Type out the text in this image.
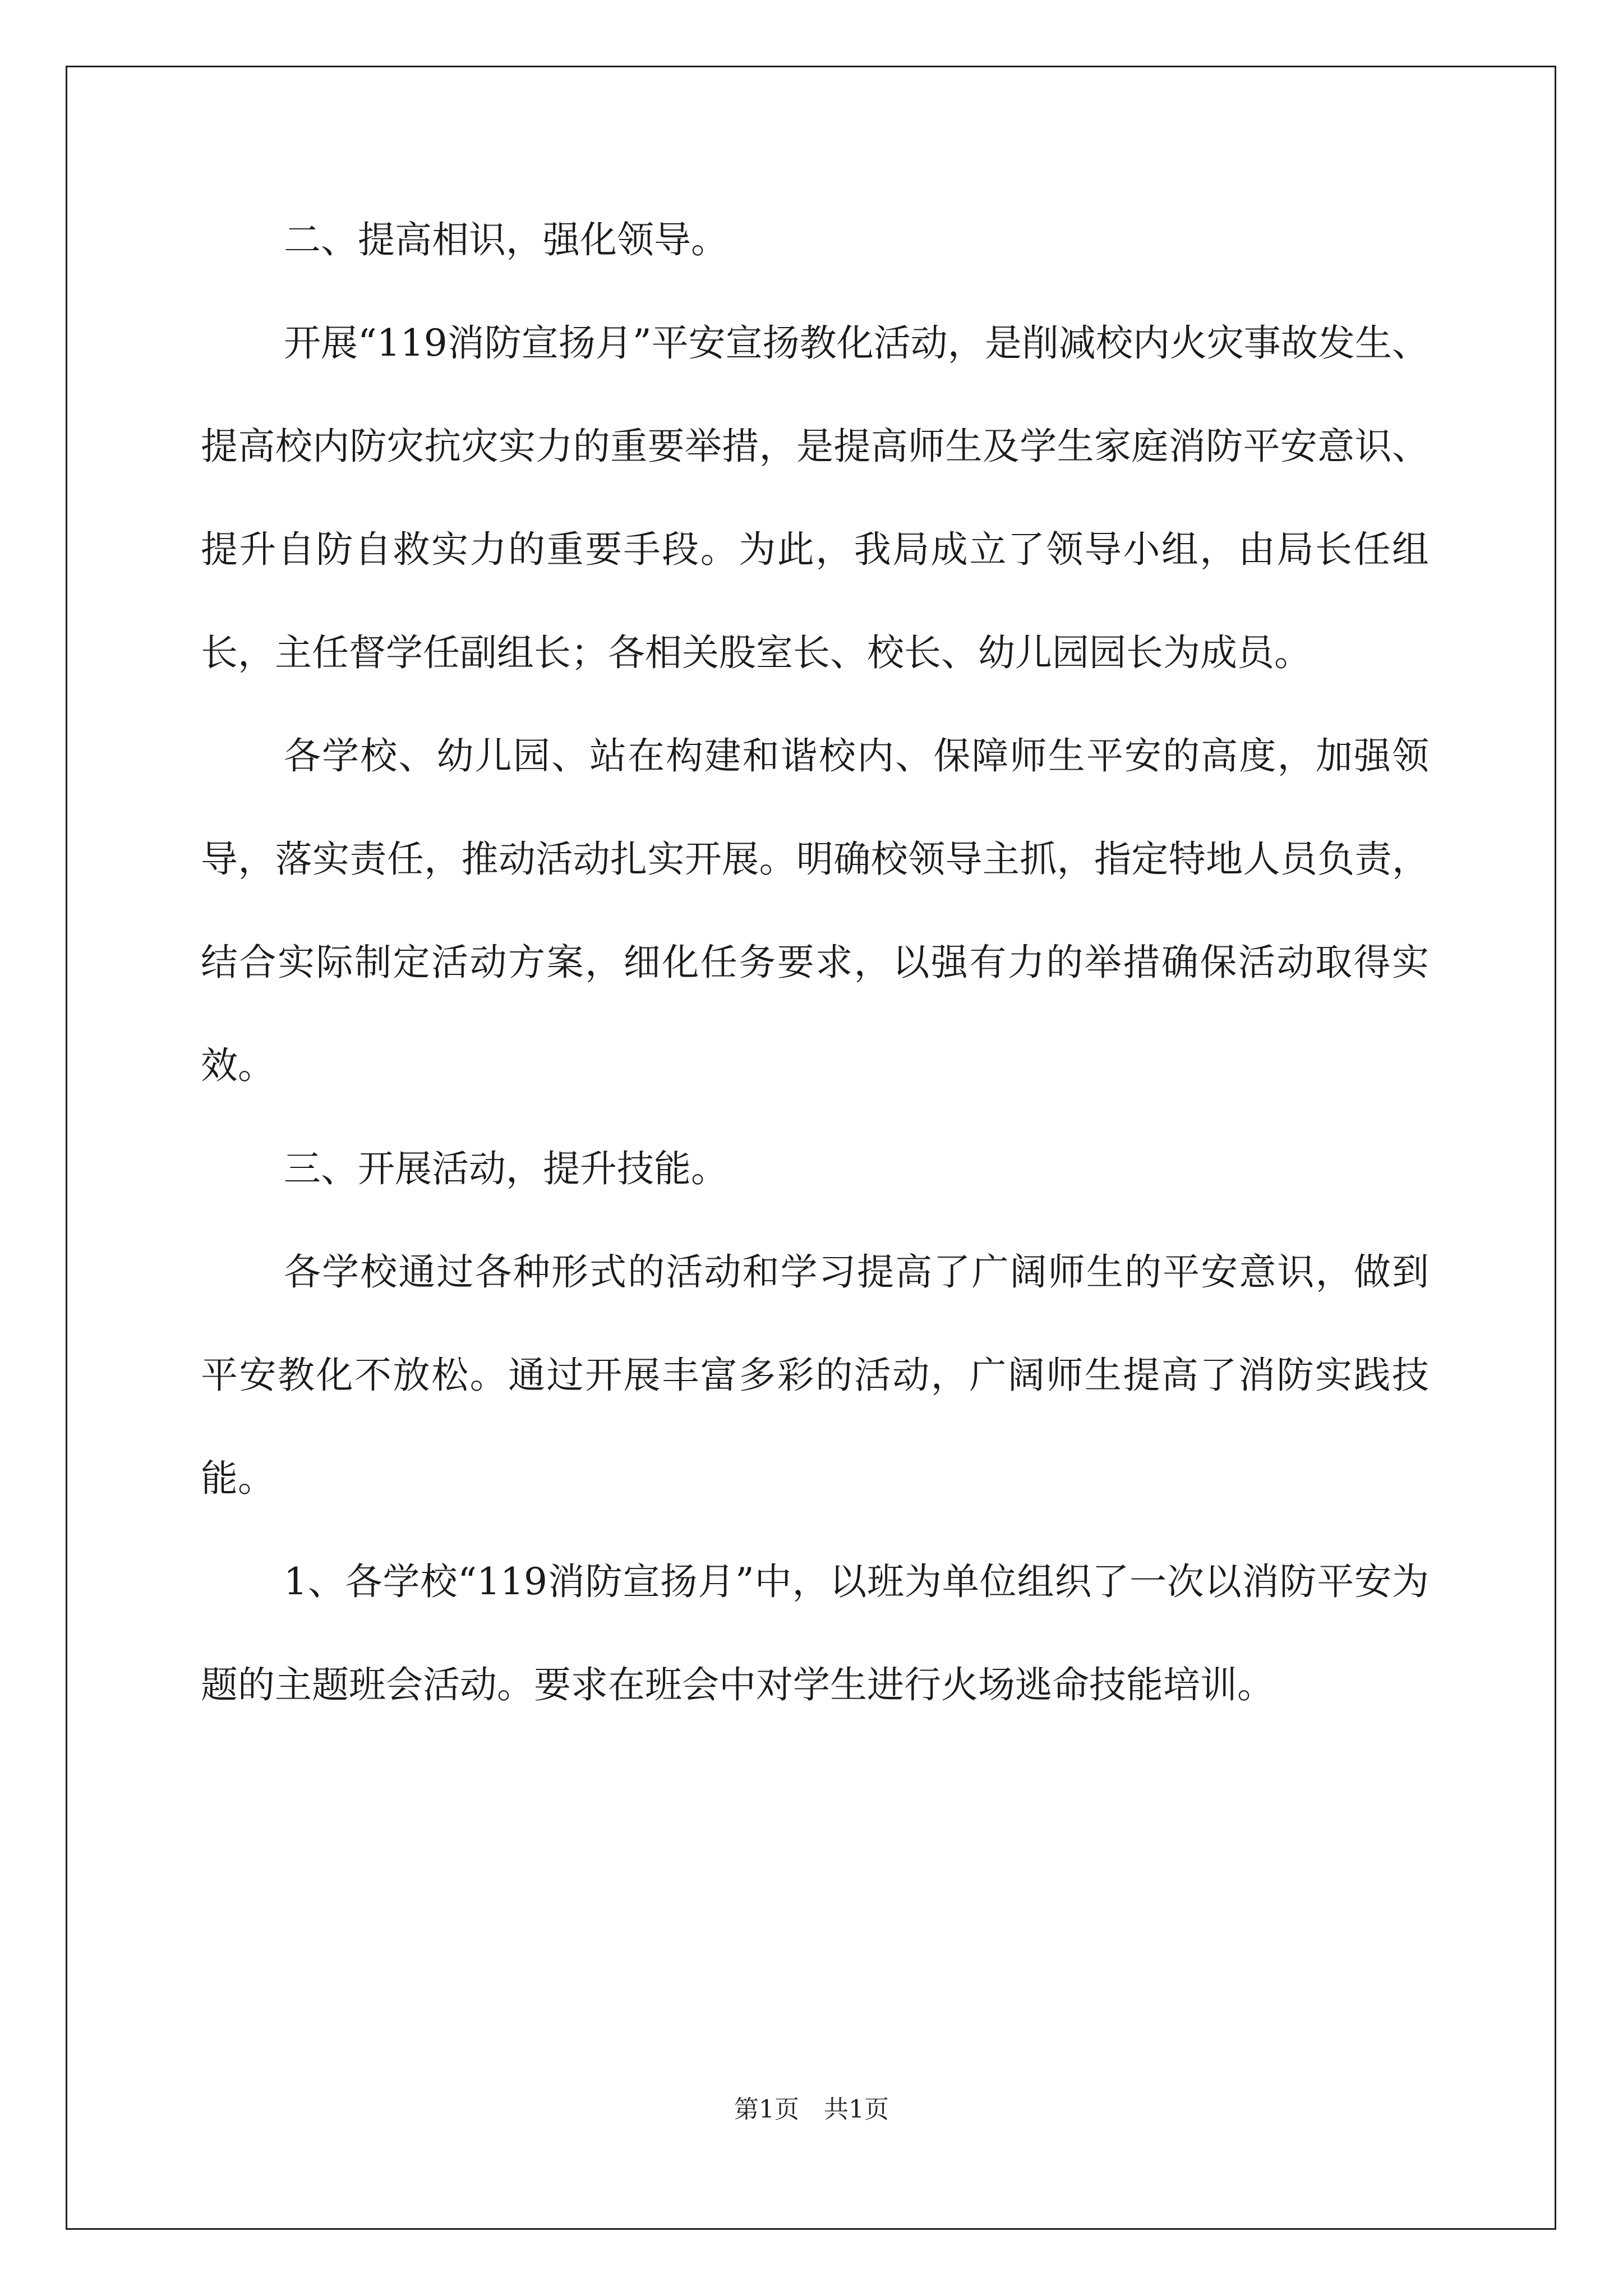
二、提高相识，强化领导。

开展“119消防宣扬月”平安宣扬教化活动，是削减校内火灾事故发生、提高校内防灾抗灾实力的重要举措，是提高师生及学生家庭消防平安意识、提升自防自救实力的重要手段。为此，我局成立了领导小组，由局长任组长，主任督学任副组长；各相关股室长、校长、幼儿园园长为成员。

各学校、幼儿园、站在构建和谐校内、保障师生平安的高度，加强领导，落实责任，推动活动扎实开展。明确校领导主抓，指定特地人员负责，结合实际制定活动方案，细化任务要求，以强有力的举措确保活动取得实效。

三、开展活动，提升技能。

各学校通过各种形式的活动和学习提高了广阔师生的平安意识，做到平安教化不放松。通过开展丰富多彩的活动，广阔师生提高了消防实践技能。

1、各学校“119消防宣扬月”中，以班为单位组织了一次以消防平安为题的主题班会活动。要求在班会中对学生进行火场逃命技能培训。

第1页　共1页
